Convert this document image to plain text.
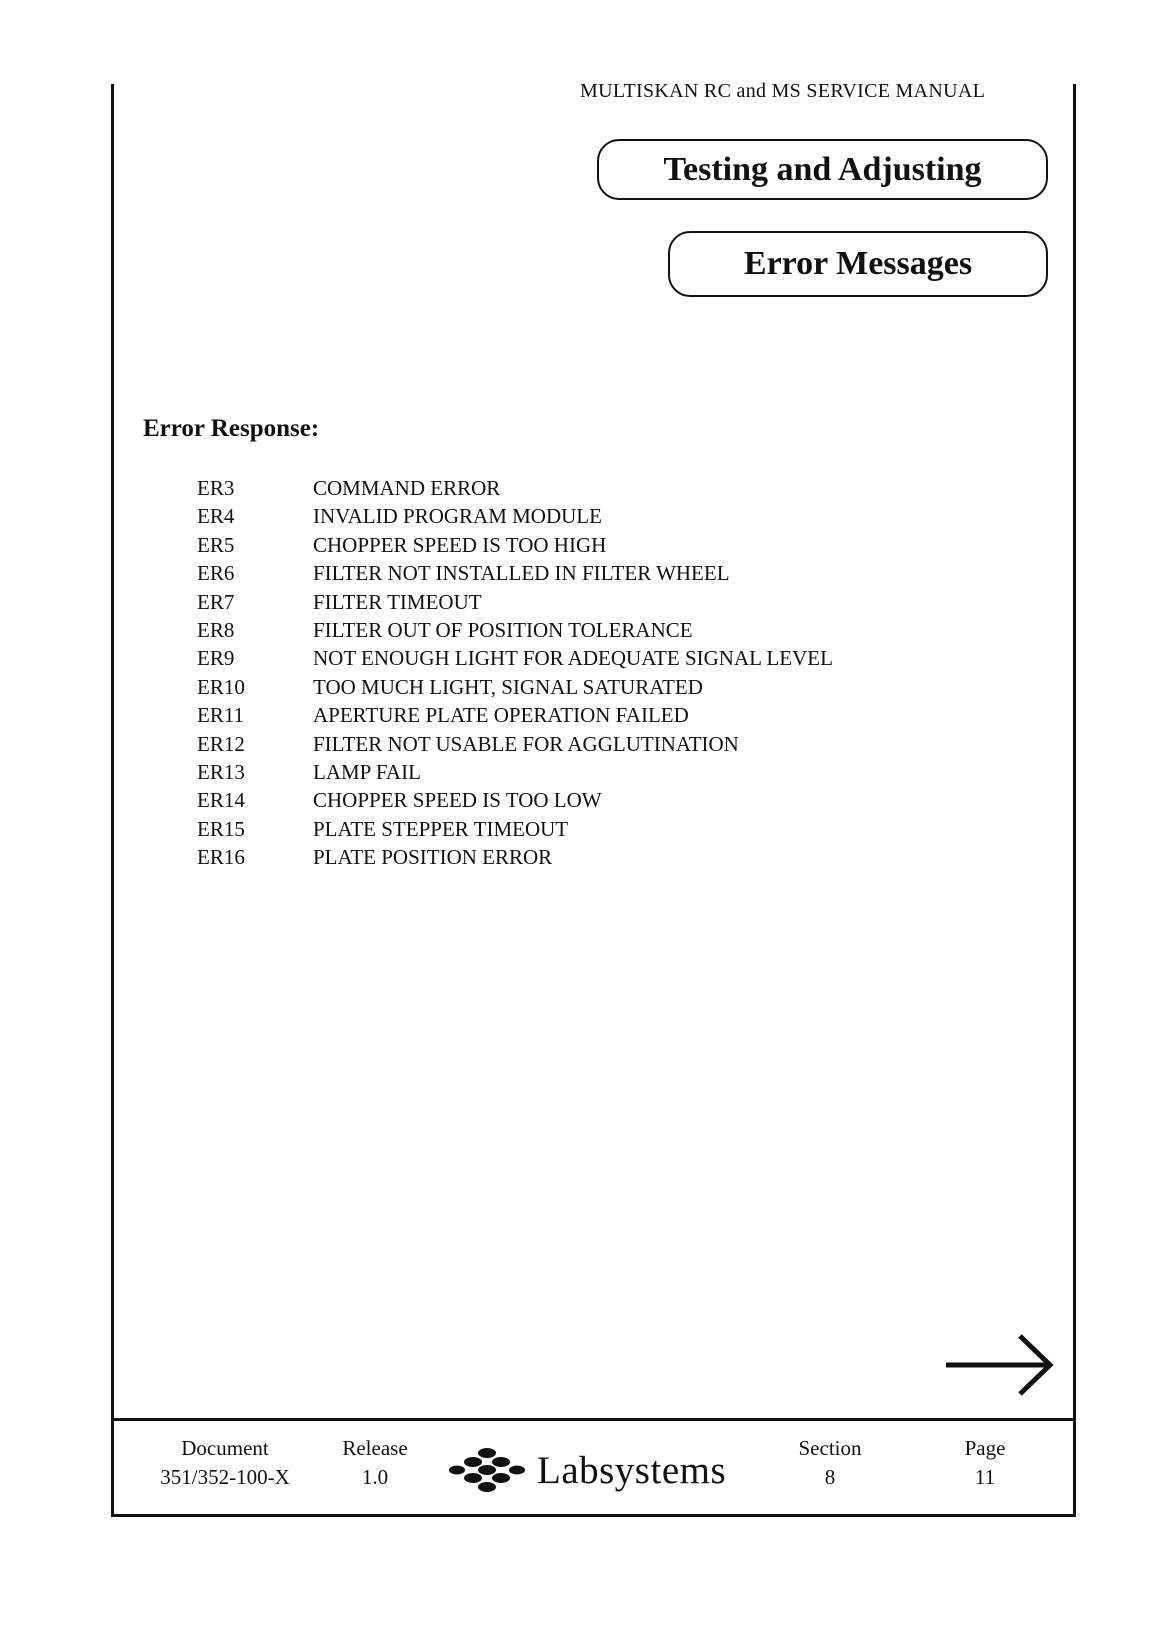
MULTISKAN RC and MS SERVICE MANUAL
Testing and Adjusting
Error Messages
Error Response:
ER3	COMMAND ERROR
ER4	INVALID PROGRAM MODULE
ER5	CHOPPER SPEED IS TOO HIGH
ER6	FILTER NOT INSTALLED IN FILTER WHEEL
ER7	FILTER TIMEOUT
ER8	FILTER OUT OF POSITION TOLERANCE
ER9	NOT ENOUGH LIGHT FOR ADEQUATE SIGNAL LEVEL
ER10	TOO MUCH LIGHT, SIGNAL SATURATED
ER11	APERTURE PLATE OPERATION FAILED
ER12	FILTER NOT USABLE FOR AGGLUTINATION
ER13	LAMP FAIL
ER14	CHOPPER SPEED IS TOO LOW
ER15	PLATE STEPPER TIMEOUT
ER16	PLATE POSITION ERROR
Document
351/352-100-X
Release
1.0	Labsystems
Section
8
Page
11
